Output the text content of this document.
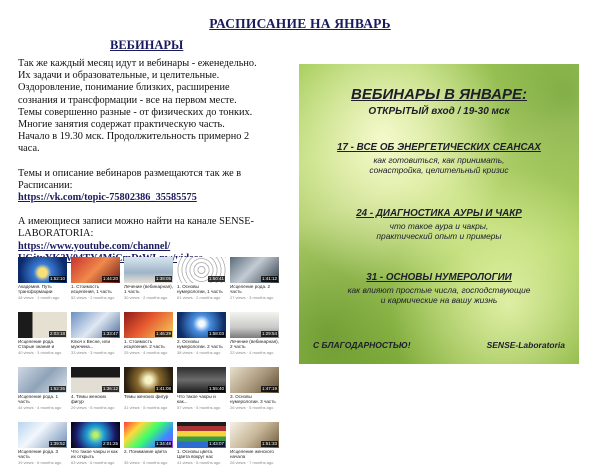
РАСПИСАНИЕ НА ЯНВАРЬ
ВЕБИНАРЫ

Так же каждый месяц идут и вебинары - еженедельно.
Их задачи и образовательные, и целительные.
Оздоровление, понимание близких, расширение
сознания и трансформации - все на первом месте.
Темы совершенно разные - от физических до тонких.
Многие занятия содержат практическую часть.
Начало в 19.30 мск. Продолжительность примерно 2
часа.

Темы и описание вебинаров размещаются так же в
Расписании:
https://vk.com/topic-75802386_35585575

А имеющиеся записи можно найти на канале SENSE-
LABORATORIA:
https://www.youtube.com/channel/

1:52:10
Академия. Путь трансформации
48 views · 1 month ago
1:44:20
1. Стоимость исцеления, 1 часть
52 views · 2 months ago
1:38:05
Лечение (вебинарная), 1 часть
30 views · 2 months ago
1:50:41
1. Основы нумерологии, 1 часть
61 views · 2 months ago
1:41:12
Исцеление рода. 2 часть
27 views · 3 months ago
2:03:18
Исцеление рода. Старые знания и
40 views · 3 months ago
1:33:47
Ключ к Весне, или мужчина...
33 views · 3 months ago
1:46:29
1. Стоимость исцеления. 2 часть
25 views · 4 months ago
1:58:03
2. Основы нумерологии. 2 часть
38 views · 4 months ago
1:29:54
Лечение (вебинарная), 2 часть
22 views · 4 months ago
1:52:36
Исцеление рода. 1 часть
44 views · 4 months ago
1:36:12
4. Темы женских фигур
29 views · 5 months ago
1:41:08
Темы женских фигур
31 views · 5 months ago
1:55:40
Что такое чакры и как...
57 views · 5 months ago
1:47:19
3. Основы нумерологии. 3 часть
26 views · 5 months ago
1:39:52
Исцеление рода. 3 часть
19 views · 6 months ago
2:01:25
Что такое чакры и как их открыть
63 views · 6 months ago
1:34:48
2. Понимание цвета
35 views · 6 months ago
1:43:07
1. Основы цвета. Цвета вокруг нас
41 views · 6 months ago
1:51:33
Исцеление женского начала
28 views · 7 months ago
ВЕБИНАРЫ В ЯНВАРЕ:
ОТКРЫТЫЙ вход / 19-30 мск
17 - ВСЕ ОБ ЭНЕРГЕТИЧЕСКИХ СЕАНСАХ
как готовиться, как принимать,
сонастройка, целительный кризис
24 - ДИАГНОСТИКА АУРЫ И ЧАКР
что такое аура и чакры,
практический опыт и примеры
31 - ОСНОВЫ НУМЕРОЛОГИИ
как влияют простые числа, господствующие
и кармические на вашу жизнь
С БЛАГОДАРНОСТЬЮ!	SENSE-Laboratoria
